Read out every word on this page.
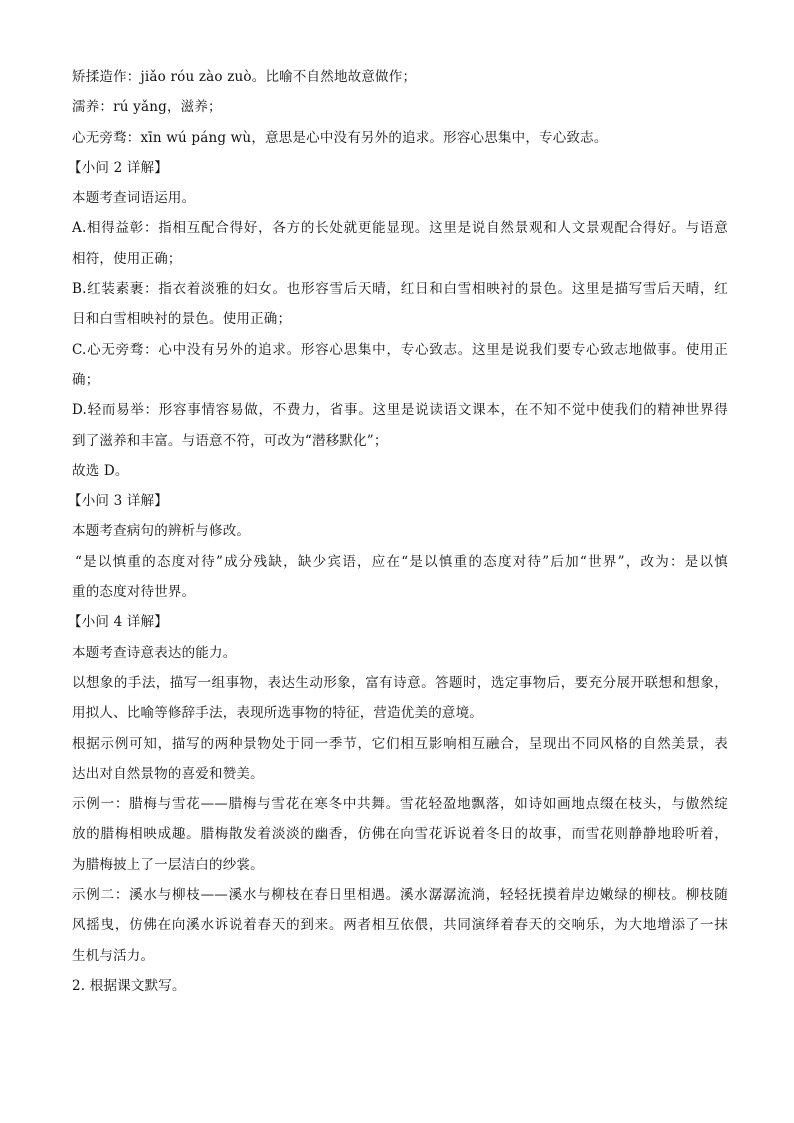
矫揉造作：jiǎo róu zào zuò。比喻不自然地故意做作；
濡养：rú yǎng，滋养；
心无旁骛：xīn wú páng wù，意思是心中没有另外的追求。形容心思集中，专心致志。
【小问 2 详解】
本题考查词语运用。
A.相得益彰：指相互配合得好，各方的长处就更能显现。这里是说自然景观和人文景观配合得好。与语意
相符，使用正确；
B.红装素裹：指衣着淡雅的妇女。也形容雪后天晴，红日和白雪相映衬的景色。这里是描写雪后天晴，红
日和白雪相映衬的景色。使用正确；
C.心无旁骛：心中没有另外的追求。形容心思集中，专心致志。这里是说我们要专心致志地做事。使用正
确；
D.轻而易举：形容事情容易做，不费力，省事。这里是说读语文课本，在不知不觉中使我们的精神世界得
到了滋养和丰富。与语意不符，可改为“潜移默化”；
故选 D。
【小问 3 详解】
本题考查病句的辨析与修改。
“是以慎重的态度对待”成分残缺，缺少宾语，应在“是以慎重的态度对待”后加“世界”，改为：是以慎
重的态度对待世界。
【小问 4 详解】
本题考查诗意表达的能力。
以想象的手法，描写一组事物，表达生动形象，富有诗意。答题时，选定事物后，要充分展开联想和想象，
用拟人、比喻等修辞手法，表现所选事物的特征，营造优美的意境。
根据示例可知，描写的两种景物处于同一季节，它们相互影响相互融合，呈现出不同风格的自然美景，表
达出对自然景物的喜爱和赞美。
示例一：腊梅与雪花——腊梅与雪花在寒冬中共舞。雪花轻盈地飘落，如诗如画地点缀在枝头，与傲然绽
放的腊梅相映成趣。腊梅散发着淡淡的幽香，仿佛在向雪花诉说着冬日的故事，而雪花则静静地聆听着，
为腊梅披上了一层洁白的纱裳。
示例二：溪水与柳枝——溪水与柳枝在春日里相遇。溪水潺潺流淌，轻轻抚摸着岸边嫩绿的柳枝。柳枝随
风摇曳，仿佛在向溪水诉说着春天的到来。两者相互依偎，共同演绎着春天的交响乐，为大地增添了一抹
生机与活力。
2. 根据课文默写。
